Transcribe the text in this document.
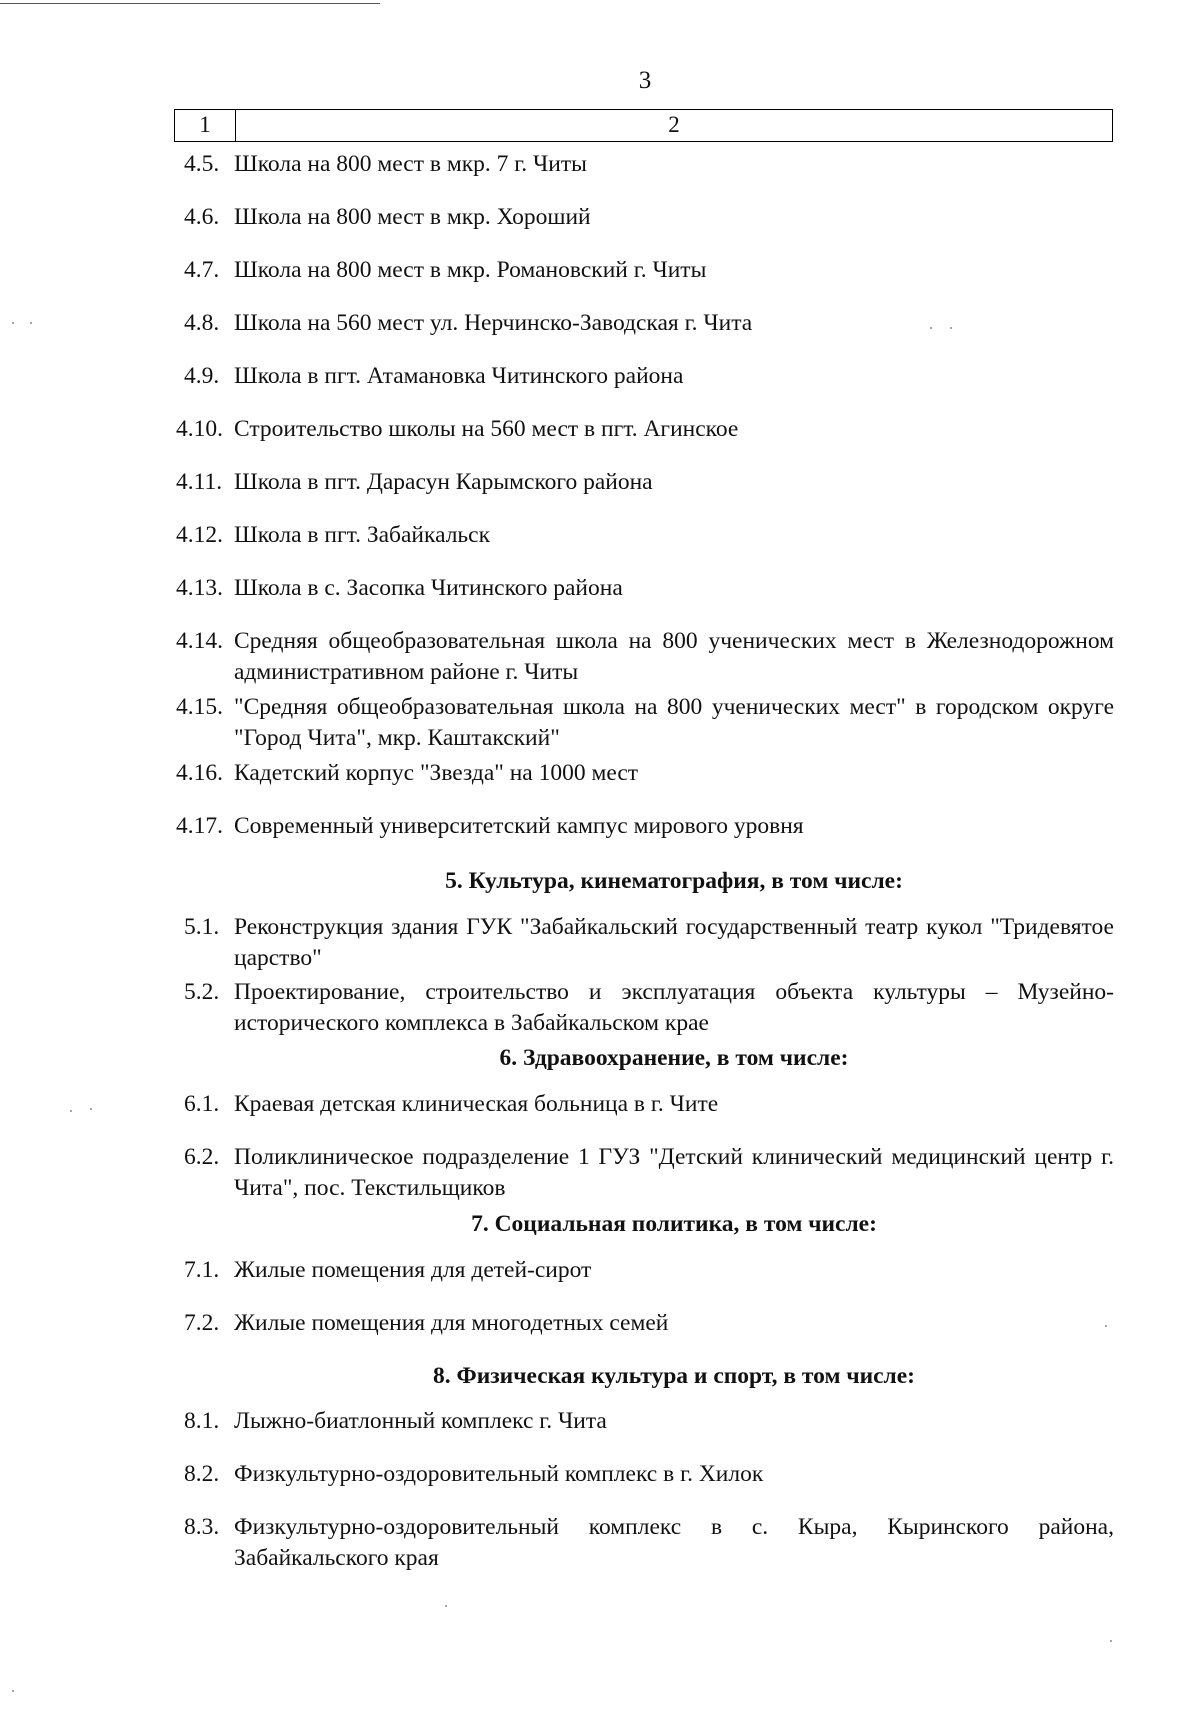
3
1	2
4.5. Школа на 800 мест в мкр. 7 г. Читы
4.6. Школа на 800 мест в мкр. Хороший
4.7. Школа на 800 мест в мкр. Романовский г. Читы
4.8. Школа на 560 мест ул. Нерчинско-Заводская г. Чита
4.9. Школа в пгт. Атамановка Читинского района
4.10. Строительство школы на 560 мест в пгт. Агинское
4.11. Школа в пгт. Дарасун Карымского района
4.12. Школа в пгт. Забайкальск
4.13. Школа в с. Засопка Читинского района
4.14. Средняя общеобразовательная школа на 800 ученических мест в Железнодорожном административном районе г. Читы
4.15. "Средняя общеобразовательная школа на 800 ученических мест" в городском округе "Город Чита", мкр. Каштакский"
4.16. Кадетский корпус "Звезда" на 1000 мест
4.17. Современный университетский кампус мирового уровня
5. Культура, кинематография, в том числе:
5.1. Реконструкция здания ГУК "Забайкальский государственный театр кукол "Тридевятое царство"
5.2. Проектирование, строительство и эксплуатация объекта культуры – Музейно-исторического комплекса в Забайкальском крае
6. Здравоохранение, в том числе:
6.1. Краевая детская клиническая больница в г. Чите
6.2. Поликлиническое подразделение 1 ГУЗ "Детский клинический медицинский центр г. Чита", пос. Текстильщиков
7. Социальная политика, в том числе:
7.1. Жилые помещения для детей-сирот
7.2. Жилые помещения для многодетных семей
8. Физическая культура и спорт, в том числе:
8.1. Лыжно-биатлонный комплекс г. Чита
8.2. Физкультурно-оздоровительный комплекс в г. Хилок
8.3. Физкультурно-оздоровительный комплекс в с. Кыра, Кыринского района, Забайкальского края
